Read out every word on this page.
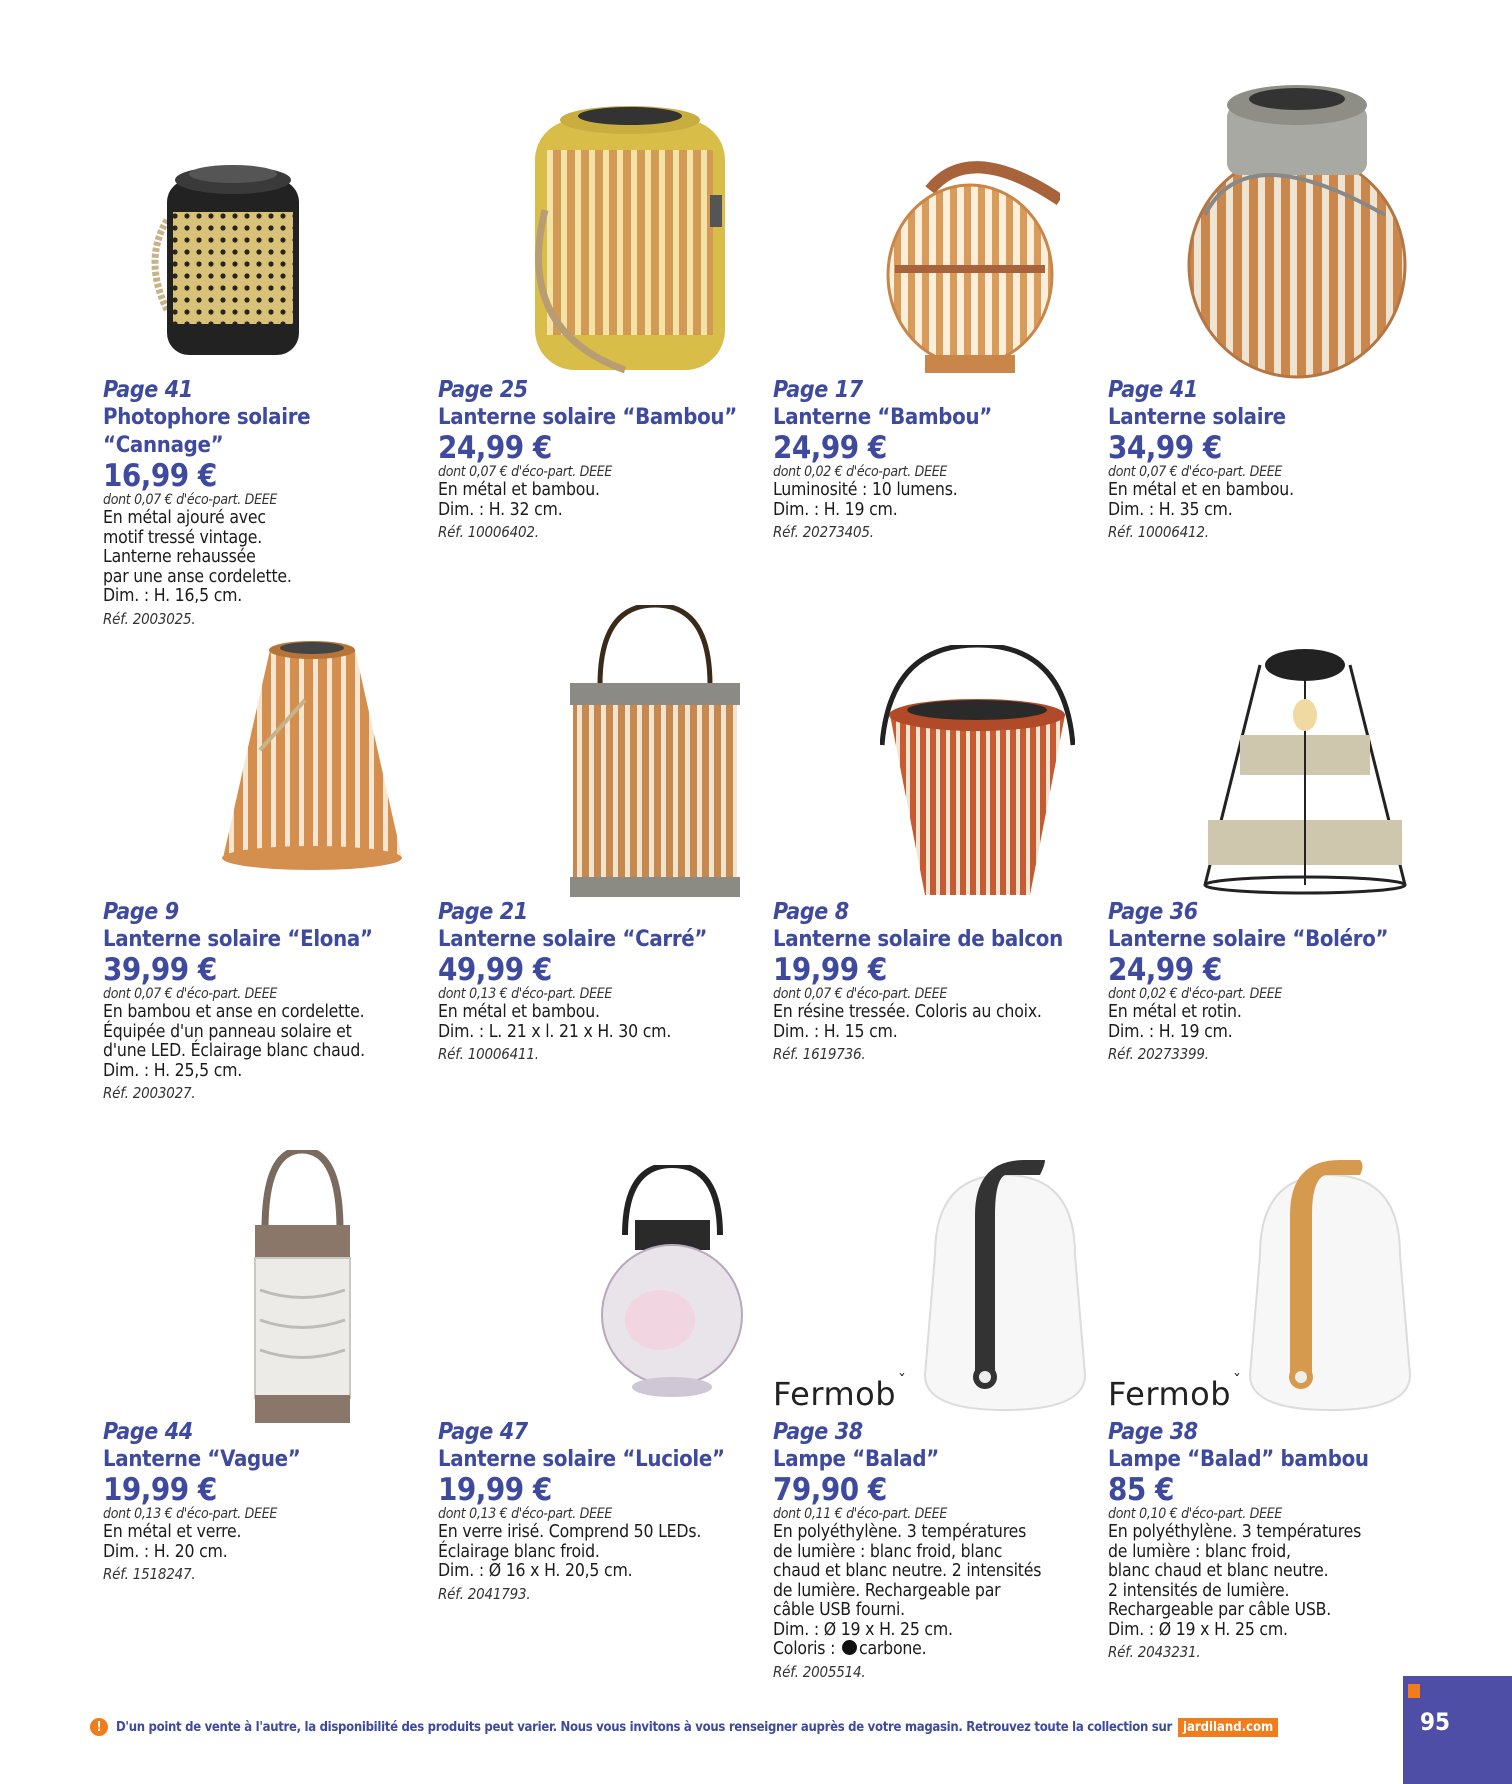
Fermob $^ˇ$	Fermob $^ˇ$
Page 41
Photophore solaire
“Cannage”
16,99 €
dont 0,07 € d'éco-part. DEEE
En métal ajouré avec
motif tressé vintage.
Lanterne rehaussée
par une anse cordelette.
Dim. : H. 16,5 cm.
Réf. 2003025.
Page 25
Lanterne solaire “Bambou”
24,99 €
dont 0,07 € d'éco-part. DEEE
En métal et bambou.
Dim. : H. 32 cm.
Réf. 10006402.
Page 17
Lanterne “Bambou”
24,99 €
dont 0,02 € d'éco-part. DEEE
Luminosité : 10 lumens.
Dim. : H. 19 cm.
Réf. 20273405.
Page 41
Lanterne solaire
34,99 €
dont 0,07 € d'éco-part. DEEE
En métal et en bambou.
Dim. : H. 35 cm.
Réf. 10006412.
Page 9
Lanterne solaire “Elona”
39,99 €
dont 0,07 € d'éco-part. DEEE
En bambou et anse en cordelette.
Équipée d'un panneau solaire et
d'une LED. Éclairage blanc chaud.
Dim. : H. 25,5 cm.
Réf. 2003027.
Page 21
Lanterne solaire “Carré”
49,99 €
dont 0,13 € d'éco-part. DEEE
En métal et bambou.
Dim. : L. 21 x l. 21 x H. 30 cm.
Réf. 10006411.
Page 8
Lanterne solaire de balcon
19,99 €
dont 0,07 € d'éco-part. DEEE
En résine tressée. Coloris au choix.
Dim. : H. 15 cm.
Réf. 1619736.
Page 36
Lanterne solaire “Boléro”
24,99 €
dont 0,02 € d'éco-part. DEEE
En métal et rotin.
Dim. : H. 19 cm.
Réf. 20273399.
Page 44
Lanterne “Vague”
19,99 €
dont 0,13 € d'éco-part. DEEE
En métal et verre.
Dim. : H. 20 cm.
Réf. 1518247.
Page 47
Lanterne solaire “Luciole”
19,99 €
dont 0,13 € d'éco-part. DEEE
En verre irisé. Comprend 50 LEDs.
Éclairage blanc froid.
Dim. : Ø 16 x H. 20,5 cm.
Réf. 2041793.
Page 38
Lampe “Balad”
79,90 €
dont 0,11 € d'éco-part. DEEE
En polyéthylène. 3 températures
de lumière : blanc froid, blanc
chaud et blanc neutre. 2 intensités
de lumière. Rechargeable par
câble USB fourni.
Dim. : Ø 19 x H. 25 cm.
Coloris : carbone.
Réf. 2005514.
Page 38
Lampe “Balad” bambou
85 €
dont 0,10 € d'éco-part. DEEE
En polyéthylène. 3 températures
de lumière : blanc froid,
blanc chaud et blanc neutre.
2 intensités de lumière.
Rechargeable par câble USB.
Dim. : Ø 19 x H. 25 cm.
Réf. 2043231.
!	D'un point de vente à l'autre, la disponibilité des produits peut varier. Nous vous invitons à vous renseigner auprès de votre magasin. Retrouvez toute la collection sur jardiland.com	95
